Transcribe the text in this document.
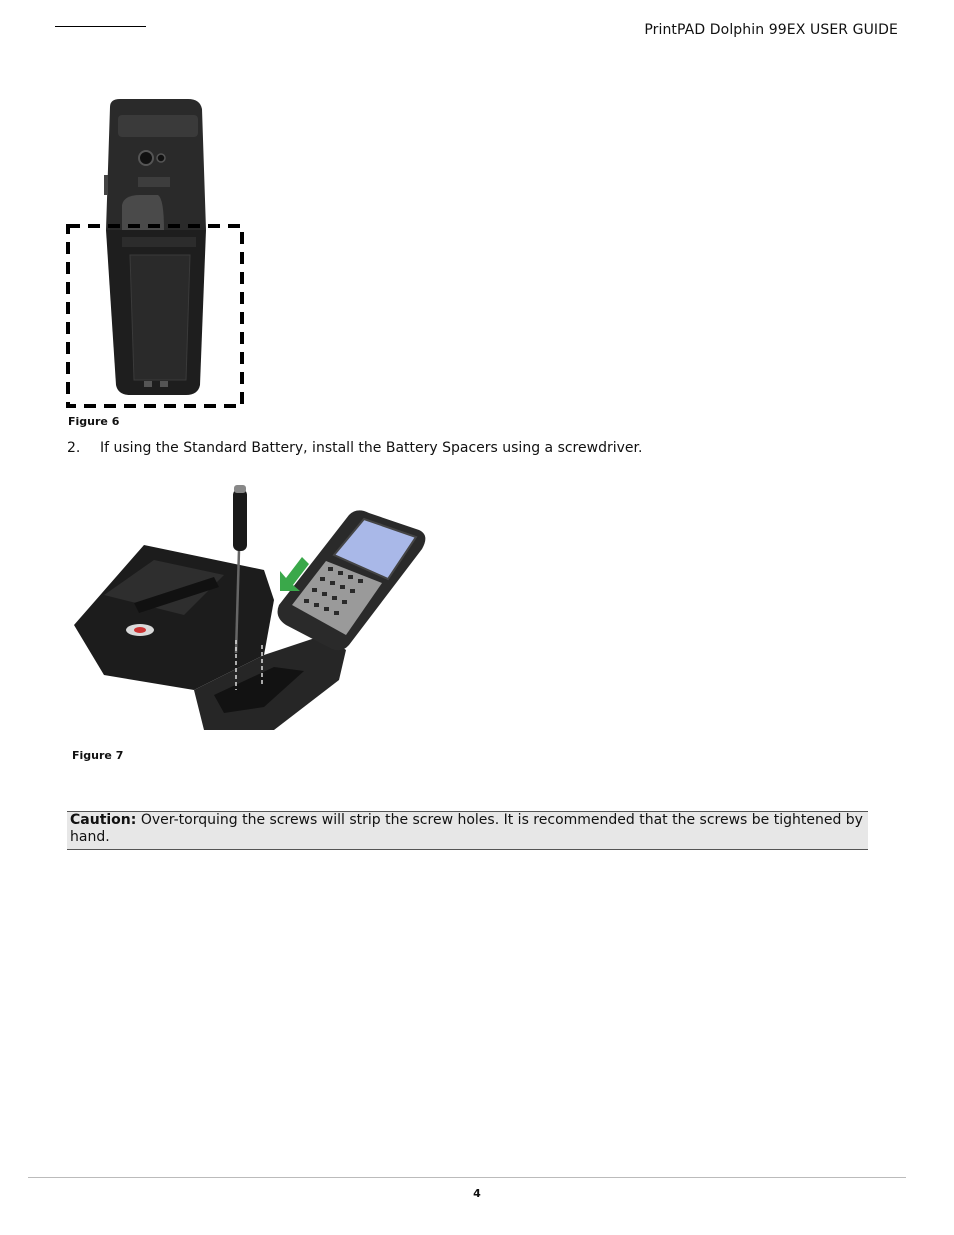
PrintPAD Dolphin 99EX USER GUIDE
Figure 6
2. If using the Standard Battery, install the Battery Spacers using a screwdriver.
Figure 7
Caution: Over-torquing the screws will strip the screw holes. It is recommended that the screws be tightened by hand.
4
